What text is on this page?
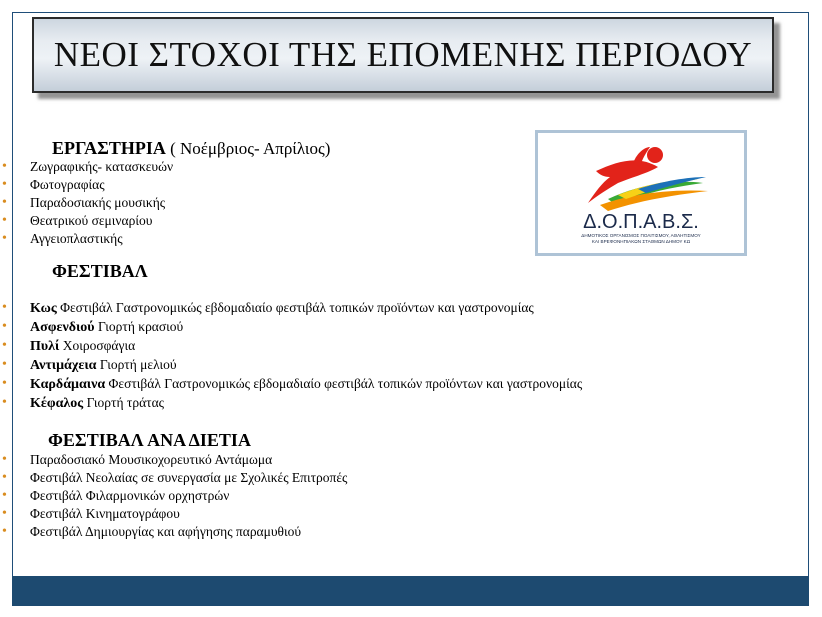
ΝΕΟΙ ΣΤΟΧΟΙ ΤΗΣ ΕΠΟΜΕΝΗΣ ΠΕΡΙΟΔΟΥ
ΕΡΓΑΣΤΗΡΙΑ ( Νοέμβριος- Απρίλιος)
• Ζωγραφικής- κατασκευών
• Φωτογραφίας
• Παραδοσιακής μουσικής
• Θεατρικού σεμιναρίου
• Αγγειοπλαστικής
ΦΕΣΤΙΒΑΛ
• Κως Φεστιβάλ Γαστρονομικώς εβδομαδιαίο φεστιβάλ τοπικών προϊόντων και γαστρονομίας
• Ασφενδιού Γιορτή κρασιού
• Πυλί Χοιροσφάγια
• Αντιμάχεια Γιορτή μελιού
• Καρδάμαινα Φεστιβάλ Γαστρονομικώς εβδομαδιαίο φεστιβάλ τοπικών προϊόντων και γαστρονομίας
• Κέφαλος Γιορτή τράτας
ΦΕΣΤΙΒΑΛ ΑΝΑ ΔΙΕΤΙΑ
• Παραδοσιακό Μουσικοχορευτικό Αντάμωμα
• Φεστιβάλ Νεολαίας σε συνεργασία με Σχολικές Επιτροπές
• Φεστιβάλ Φιλαρμονικών ορχηστρών
• Φεστιβάλ Κινηματογράφου
• Φεστιβάλ Δημιουργίας και αφήγησης παραμυθιού
Δ.Ο.Π.Α.Β.Σ.
ΔΗΜΟΤΙΚΟΣ ΟΡΓΑΝΙΣΜΟΣ ΠΟΛΙΤΙΣΜΟΥ, ΑΘΛΗΤΙΣΜΟΥ
ΚΑΙ ΒΡΕΦΟΝΗΠΙΑΚΩΝ ΣΤΑΘΜΩΝ ΔΗΜΟΥ ΚΩ
